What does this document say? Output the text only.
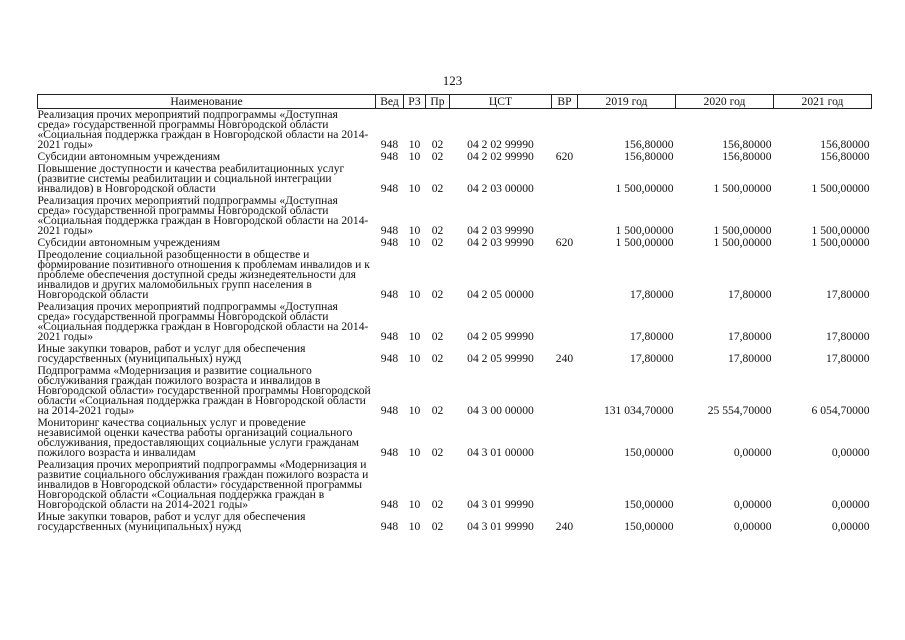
123
Наименование	Вед	РЗ	Пр	ЦСТ	ВР	2019 год	2020 год	2021 год
Реализация прочих мероприятий подпрограммы «Доступная среда» государственной программы Новгородской области «Социальная поддержка граждан в Новгородской области на 2014-2021 годы»	948	10	02	04 2 02 99990		156,80000	156,80000	156,80000
Субсидии автономным учреждениям	948	10	02	04 2 02 99990	620	156,80000	156,80000	156,80000
Повышение доступности и качества реабилитационных услуг (развитие системы реабилитации и социальной интеграции инвалидов) в Новгородской области	948	10	02	04 2 03 00000		1 500,00000	1 500,00000	1 500,00000
Реализация прочих мероприятий подпрограммы «Доступная среда» государственной программы Новгородской области «Социальная поддержка граждан в Новгородской области на 2014-2021 годы»	948	10	02	04 2 03 99990		1 500,00000	1 500,00000	1 500,00000
Субсидии автономным учреждениям	948	10	02	04 2 03 99990	620	1 500,00000	1 500,00000	1 500,00000
Преодоление социальной разобщенности в обществе и формирование позитивного отношения к проблемам инвалидов и к проблеме обеспечения доступной среды жизнедеятельности для инвалидов и других маломобильных групп населения в Новгородской области	948	10	02	04 2 05 00000		17,80000	17,80000	17,80000
Реализация прочих мероприятий подпрограммы «Доступная среда» государственной программы Новгородской области «Социальная поддержка граждан в Новгородской области на 2014-2021 годы»	948	10	02	04 2 05 99990		17,80000	17,80000	17,80000
Иные закупки товаров, работ и услуг для обеспечения государственных (муниципальных) нужд	948	10	02	04 2 05 99990	240	17,80000	17,80000	17,80000
Подпрограмма «Модернизация и развитие социального обслуживания граждан пожилого возраста и инвалидов в Новгородской области» государственной программы Новгородской области «Социальная поддержка граждан в Новгородской области на 2014-2021 годы»	948	10	02	04 3 00 00000		131 034,70000	25 554,70000	6 054,70000
Мониторинг качества социальных услуг и проведение независимой оценки качества работы организаций социального обслуживания, предоставляющих социальные услуги гражданам пожилого возраста и инвалидам	948	10	02	04 3 01 00000		150,00000	0,00000	0,00000
Реализация прочих мероприятий подпрограммы «Модернизация и развитие социального обслуживания граждан пожилого возраста и инвалидов в Новгородской области» государственной программы Новгородской области «Социальная поддержка граждан в Новгородской области на 2014-2021 годы»	948	10	02	04 3 01 99990		150,00000	0,00000	0,00000
Иные закупки товаров, работ и услуг для обеспечения государственных (муниципальных) нужд	948	10	02	04 3 01 99990	240	150,00000	0,00000	0,00000
